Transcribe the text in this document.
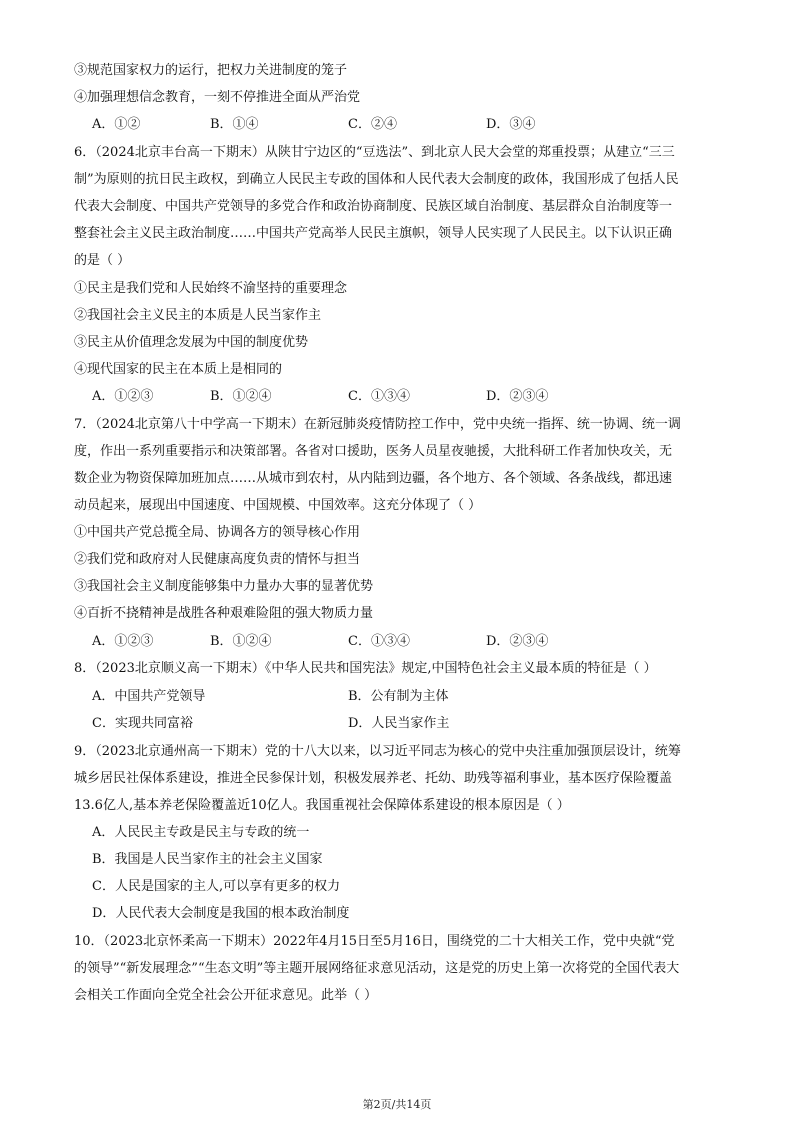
③规范国家权力的运行，把权力关进制度的笼子
④加强理想信念教育，一刻不停推进全面从严治党
A．①②	B．①④	C．②④	D．③④
6．（2024北京丰台高一下期末）从陕甘宁边区的“豆选法”、到北京人民大会堂的郑重投票；从建立“三三
制”为原则的抗日民主政权，到确立人民民主专政的国体和人民代表大会制度的政体，我国形成了包括人民
代表大会制度、中国共产党领导的多党合作和政治协商制度、民族区域自治制度、基层群众自治制度等一
整套社会主义民主政治制度……中国共产党高举人民民主旗帜，领导人民实现了人民民主。以下认识正确
的是（ ）
①民主是我们党和人民始终不渝坚持的重要理念
②我国社会主义民主的本质是人民当家作主
③民主从价值理念发展为中国的制度优势
④现代国家的民主在本质上是相同的
A．①②③	B．①②④	C．①③④	D．②③④
7．（2024北京第八十中学高一下期末）在新冠肺炎疫情防控工作中，党中央统一指挥、统一协调、统一调
度，作出一系列重要指示和决策部署。各省对口援助，医务人员星夜驰援，大批科研工作者加快攻关，无
数企业为物资保障加班加点……从城市到农村，从内陆到边疆，各个地方、各个领域、各条战线，都迅速
动员起来，展现出中国速度、中国规模、中国效率。这充分体现了（ ）
①中国共产党总揽全局、协调各方的领导核心作用
②我们党和政府对人民健康高度负责的情怀与担当
③我国社会主义制度能够集中力量办大事的显著优势
④百折不挠精神是战胜各种艰难险阻的强大物质力量
A．①②③	B．①②④	C．①③④	D．②③④
8．（2023北京顺义高一下期末）《中华人民共和国宪法》规定,中国特色社会主义最本质的特征是（ ）
A．中国共产党领导	B．公有制为主体
C．实现共同富裕	D．人民当家作主
9．（2023北京通州高一下期末）党的十八大以来，以习近平同志为核心的党中央注重加强顶层设计，统筹
城乡居民社保体系建设，推进全民参保计划，积极发展养老、托幼、助残等福利事业，基本医疗保险覆盖
13.6亿人,基本养老保险覆盖近10亿人。我国重视社会保障体系建设的根本原因是（ ）
A．人民民主专政是民主与专政的统一
B．我国是人民当家作主的社会主义国家
C．人民是国家的主人,可以享有更多的权力
D．人民代表大会制度是我国的根本政治制度
10．（2023北京怀柔高一下期末）2022年4月15日至5月16日，围绕党的二十大相关工作，党中央就“党
的领导”“新发展理念”“生态文明”等主题开展网络征求意见活动，这是党的历史上第一次将党的全国代表大
会相关工作面向全党全社会公开征求意见。此举（ ）
第2页/共14页
